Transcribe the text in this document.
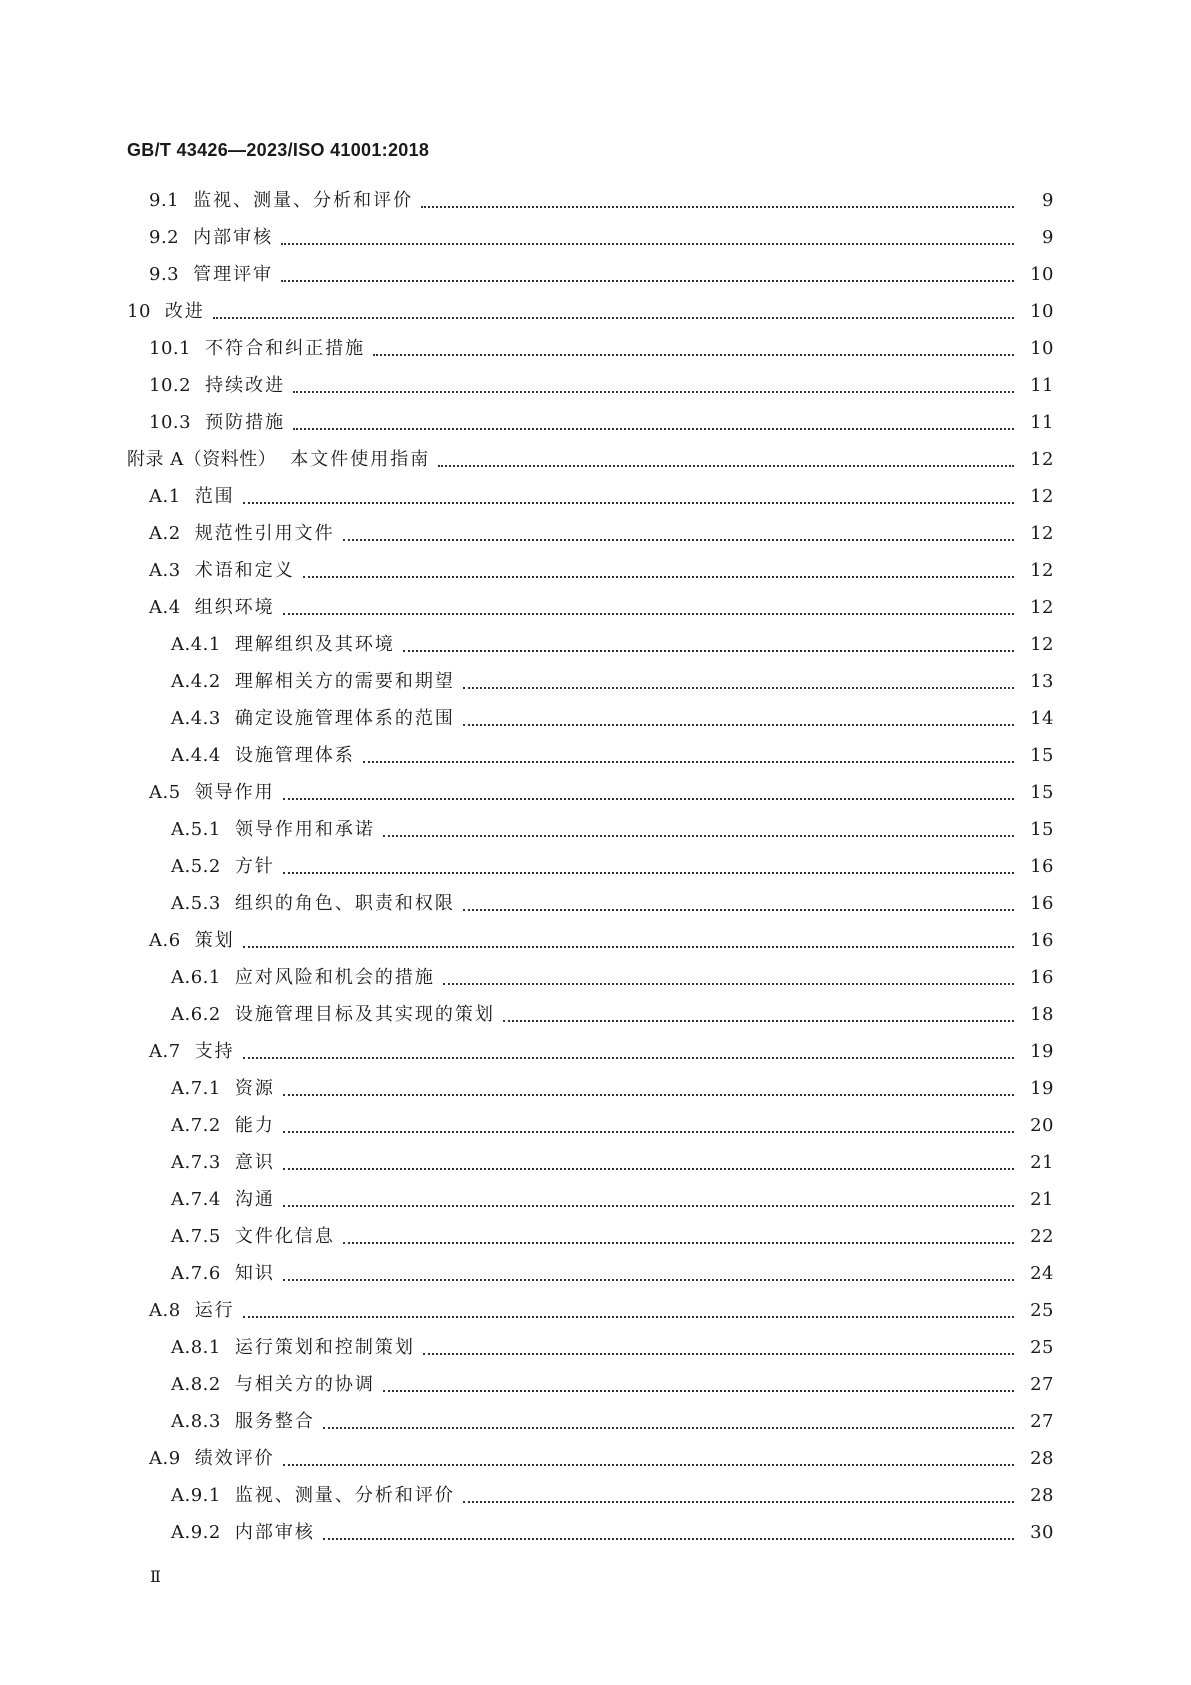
GB/T 43426—2023/ISO 41001:2018
9.1 监视、测量、分析和评价	9
9.2 内部审核	9
9.3 管理评审	10
10 改进	10
10.1 不符合和纠正措施	10
10.2 持续改进	11
10.3 预防措施	11
附录 A（资料性） 本文件使用指南	12
A.1 范围	12
A.2 规范性引用文件	12
A.3 术语和定义	12
A.4 组织环境	12
A.4.1 理解组织及其环境	12
A.4.2 理解相关方的需要和期望	13
A.4.3 确定设施管理体系的范围	14
A.4.4 设施管理体系	15
A.5 领导作用	15
A.5.1 领导作用和承诺	15
A.5.2 方针	16
A.5.3 组织的角色、职责和权限	16
A.6 策划	16
A.6.1 应对风险和机会的措施	16
A.6.2 设施管理目标及其实现的策划	18
A.7 支持	19
A.7.1 资源	19
A.7.2 能力	20
A.7.3 意识	21
A.7.4 沟通	21
A.7.5 文件化信息	22
A.7.6 知识	24
A.8 运行	25
A.8.1 运行策划和控制策划	25
A.8.2 与相关方的协调	27
A.8.3 服务整合	27
A.9 绩效评价	28
A.9.1 监视、测量、分析和评价	28
A.9.2 内部审核	30
Ⅱ
